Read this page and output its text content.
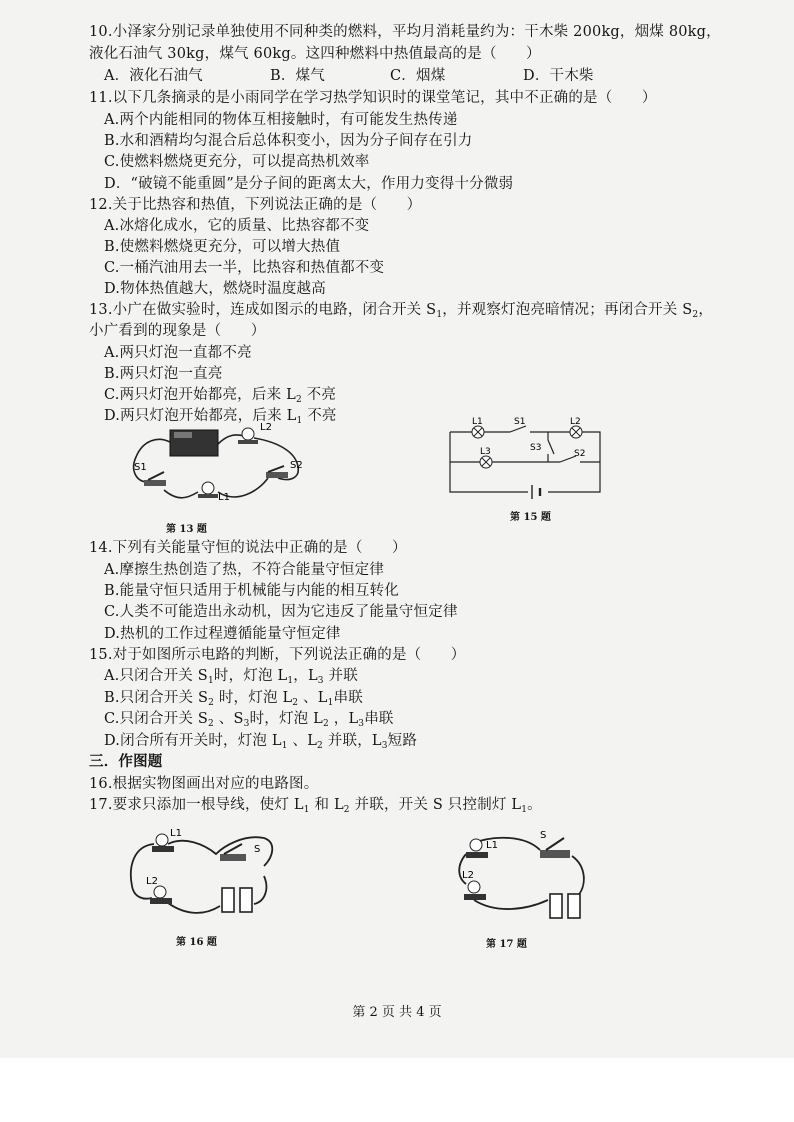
10.小泽家分别记录单独使用不同种类的燃料，平均月消耗量约为：干木柴 200kg，烟煤 80kg，
液化石油气 30kg，煤气 60kg。这四种燃料中热值最高的是（　　）
A．液化石油气	B．煤气	C．烟煤	D．干木柴
11.以下几条摘录的是小雨同学在学习热学知识时的课堂笔记，其中不正确的是（　　）
A.两个内能相同的物体互相接触时，有可能发生热传递
B.水和酒精均匀混合后总体积变小，因为分子间存在引力
C.使燃料燃烧更充分，可以提高热机效率
D．“破镜不能重圆”是分子间的距离太大，作用力变得十分微弱
12.关于比热容和热值，下列说法正确的是（　　）
A.冰熔化成水，它的质量、比热容都不变
B.使燃料燃烧更充分，可以增大热值
C.一桶汽油用去一半，比热容和热值都不变
D.物体热值越大，燃烧时温度越高
13.小广在做实验时，连成如图示的电路，闭合开关 $S_1$，并观察灯泡亮暗情况；再闭合开关 $S_2$，
小广看到的现象是（　　）
A.两只灯泡一直都不亮
B.两只灯泡一直亮
C.两只灯泡开始都亮，后来 $L_2$ 不亮
D.两只灯泡开始都亮，后来 $L_1$ 不亮
L2
L1
S1	S2
第 13 题
L1	L2
L3
S1
S2
S3
第 15 题
14.下列有关能量守恒的说法中正确的是（　　）
A.摩擦生热创造了热，不符合能量守恒定律
B.能量守恒只适用于机械能与内能的相互转化
C.人类不可能造出永动机，因为它违反了能量守恒定律
D.热机的工作过程遵循能量守恒定律
15.对于如图所示电路的判断，下列说法正确的是（　　）
A.只闭合开关 $S_1$时，灯泡 $L_1$，$L_3$ 并联
B.只闭合开关 $S_2$ 时，灯泡 $L_2$ 、$L_1$串联
C.只闭合开关 $S_2$ 、$S_3$时，灯泡 $L_2$ ，$L_3$串联
D.闭合所有开关时，灯泡 $L_1$ 、$L_2$ 并联，$L_3$短路
三．作图题
16.根据实物图画出对应的电路图。
17.要求只添加一根导线，使灯 $L_1$ 和 $L_2$ 并联，开关 S 只控制灯 $L_1$。
L1
L2
S
第 16 题
L1
L2
S
第 17 题
第 2 页 共 4 页
